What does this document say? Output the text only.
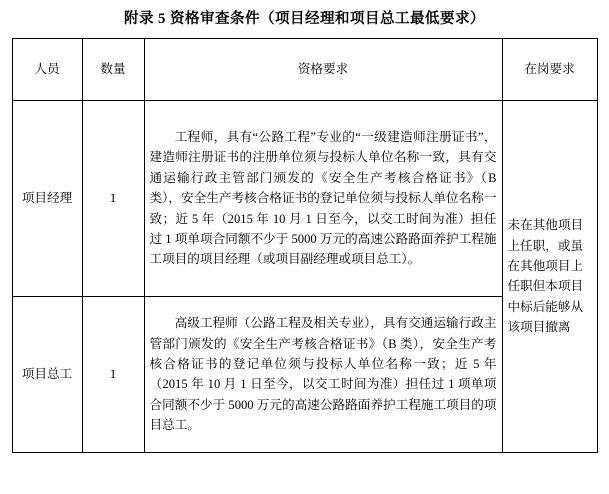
附录 5 资格审查条件（项目经理和项目总工最低要求）
人员	数量	资格要求	在岗要求
项目经理	1	工程师，具有“公路工程”专业的“一级建造师注册证书”，建造师注册证书的注册单位须与投标人单位名称一致，具有交通运输行政主管部门颁发的《安全生产考核合格证书》（B 类），安全生产考核合格证书的登记单位须与投标人单位名称一致；近 5 年（2015 年 10 月 1 日至今，以交工时间为准）担任过 1 项单项合同额不少于 5000 万元的高速公路路面养护工程施工项目的项目经理（或项目副经理或项目总工）。	未在其他项目上任职，或虽在其他项目上任职但本项目中标后能够从该项目撤离
项目总工	1	高级工程师（公路工程及相关专业），具有交通运输行政主管部门颁发的《安全生产考核合格证书》（B 类），安全生产考核合格证书的登记单位须与投标人单位名称一致；近 5 年（2015 年 10 月 1 日至今，以交工时间为准）担任过 1 项单项合同额不少于 5000 万元的高速公路路面养护工程施工项目的项目总工。	
